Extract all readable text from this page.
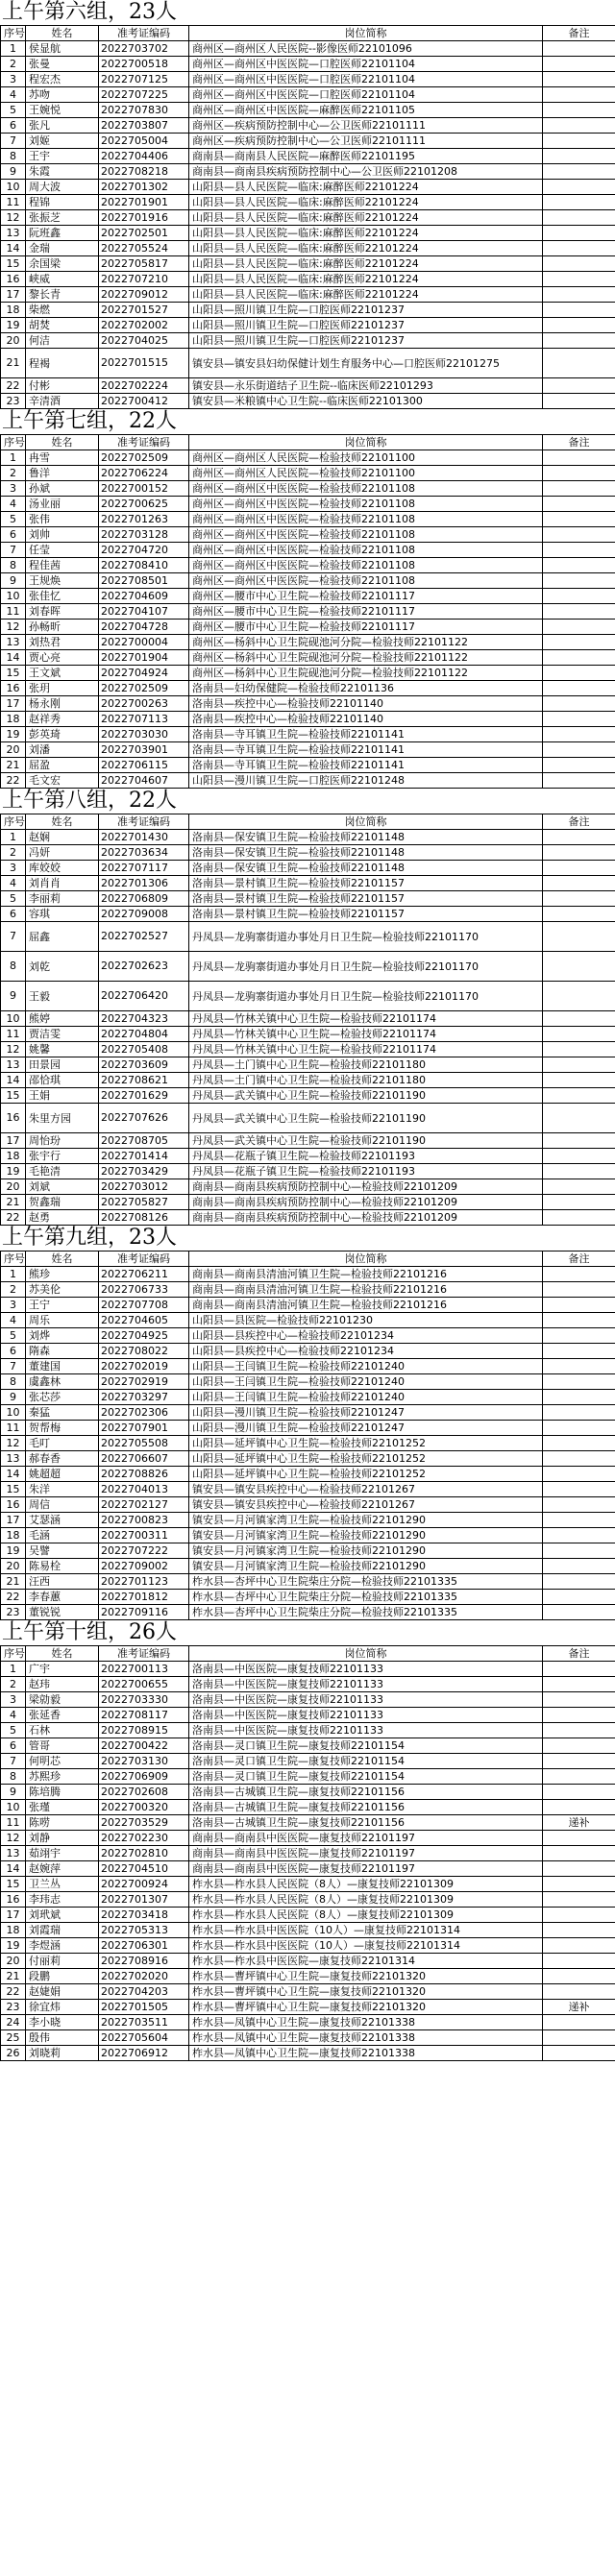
上午第六组，23人
序号	姓名	准考证编码	岗位简称	备注
1	侯显航	2022703702	商州区—商州区人民医院--影像医师22101096	
2	张曼	2022700518	商州区—商州区中医医院—口腔医师22101104	
3	程宏杰	2022707125	商州区—商州区中医医院—口腔医师22101104	
4	苏吻	2022707225	商州区—商州区中医医院—口腔医师22101104	
5	王婉悦	2022707830	商州区—商州区中医医院—麻醉医师22101105	
6	张凡	2022703807	商州区—疾病预防控制中心—公卫医师22101111	
7	刘姬	2022705004	商州区—疾病预防控制中心—公卫医师22101111	
8	王宇	2022704406	商南县—商南县人民医院—麻醉医师22101195	
9	朱霞	2022708218	商南县—商南县疾病预防控制中心—公卫医师22101208	
10	周大波	2022701302	山阳县—县人民医院—临床:麻醉医师22101224	
11	程锦	2022701901	山阳县—县人民医院—临床:麻醉医师22101224	
12	张振芝	2022701916	山阳县—县人民医院—临床:麻醉医师22101224	
13	阮班鑫	2022702501	山阳县—县人民医院—临床:麻醉医师22101224	
14	金瑞	2022705524	山阳县—县人民医院—临床:麻醉医师22101224	
15	余国梁	2022705817	山阳县—县人民医院—临床:麻醉医师22101224	
16	峡威	2022707210	山阳县—县人民医院—临床:麻醉医师22101224	
17	黎长青	2022709012	山阳县—县人民医院—临床:麻醉医师22101224	
18	柴燃	2022701527	山阳县—照川镇卫生院—口腔医师22101237	
19	胡焚	2022702002	山阳县—照川镇卫生院—口腔医师22101237	
20	何洁	2022704025	山阳县—照川镇卫生院—口腔医师22101237	
21	程褐	2022701515	镇安县—镇安县妇幼保健计划生育服务中心—口腔医师22101275	
22	付彬	2022702224	镇安县—永乐街道结子卫生院--临床医师22101293	
23	辛清酒	2022700412	镇安县—米粮镇中心卫生院--临床医师22101300	
上午第七组，22人
序号	姓名	准考证编码	岗位简称	备注
1	冉雪	2022702509	商州区—商州区人民医院—检验技师22101100	
2	鲁洋	2022706224	商州区—商州区人民医院—检验技师22101100	
3	孙斌	2022700152	商州区—商州区中医医院—检验技师22101108	
4	汤业丽	2022700625	商州区—商州区中医医院—检验技师22101108	
5	张伟	2022701263	商州区—商州区中医医院—检验技师22101108	
6	刘帅	2022703128	商州区—商州区中医医院—检验技师22101108	
7	任莹	2022704720	商州区—商州区中医医院—检验技师22101108	
8	程佳茜	2022708410	商州区—商州区中医医院—检验技师22101108	
9	王规焕	2022708501	商州区—商州区中医医院—检验技师22101108	
10	张佳忆	2022704609	商州区—腰市中心卫生院—检验技师22101117	
11	刘春晖	2022704107	商州区—腰市中心卫生院—检验技师22101117	
12	孙畅昕	2022704728	商州区—腰市中心卫生院—检验技师22101117	
13	刘热君	2022700004	商州区—杨斜中心卫生院砚池河分院—检验技师22101122	
14	贾心亮	2022701904	商州区—杨斜中心卫生院砚池河分院—检验技师22101122	
15	王文斌	2022704924	商州区—杨斜中心卫生院砚池河分院—检验技师22101122	
16	张玥	2022702509	洛南县—妇幼保健院—检验技师22101136	
17	杨永刚	2022700263	洛南县—疾控中心—检验技师22101140	
18	赵祥秀	2022707113	洛南县—疾控中心—检验技师22101140	
19	彭英琦	2022703030	洛南县—寺耳镇卫生院—检验技师22101141	
20	刘潘	2022703901	洛南县—寺耳镇卫生院—检验技师22101141	
21	屈盈	2022706115	洛南县—寺耳镇卫生院—检验技师22101141	
22	毛文宏	2022704607	山阳县—漫川镇卫生院—口腔医师22101248	
上午第八组，22人
序号	姓名	准考证编码	岗位简称	备注
1	赵娴	2022701430	洛南县—保安镇卫生院—检验技师22101148	
2	冯妍	2022703634	洛南县—保安镇卫生院—检验技师22101148	
3	库姣姣	2022707117	洛南县—保安镇卫生院—检验技师22101148	
4	刘肖肖	2022701306	洛南县—景村镇卫生院—检验技师22101157	
5	李丽莉	2022706809	洛南县—景村镇卫生院—检验技师22101157	
6	容琪	2022709008	洛南县—景村镇卫生院—检验技师22101157	
7	屈鑫	2022702527	丹凤县—龙驹寨街道办事处月日卫生院—检验技师22101170	
8	刘乾	2022702623	丹凤县—龙驹寨街道办事处月日卫生院—检验技师22101170	
9	王毅	2022706420	丹凤县—龙驹寨街道办事处月日卫生院—检验技师22101170	
10	熊婷	2022704323	丹凤县—竹林关镇中心卫生院—检验技师22101174	
11	贾洁雯	2022704804	丹凤县—竹林关镇中心卫生院—检验技师22101174	
12	姚馨	2022705408	丹凤县—竹林关镇中心卫生院—检验技师22101174	
13	田景园	2022703609	丹凤县—土门镇中心卫生院—检验技师22101180	
14	邵恰琪	2022708621	丹凤县—土门镇中心卫生院—检验技师22101180	
15	王娟	2022701629	丹凤县—武关镇中心卫生院—检验技师22101190	
16	朱里方园	2022707626	丹凤县—武关镇中心卫生院—检验技师22101190	
17	周怡玢	2022708705	丹凤县—武关镇中心卫生院—检验技师22101190	
18	张宇行	2022701414	丹凤县—花瓶子镇卫生院—检验技师22101193	
19	毛艳清	2022703429	丹凤县—花瓶子镇卫生院—检验技师22101193	
20	刘斌	2022703012	商南县—商南县疾病预防控制中心—检验技师22101209	
21	贺鑫瑞	2022705827	商南县—商南县疾病预防控制中心—检验技师22101209	
22	赵勇	2022708126	商南县—商南县疾病预防控制中心—检验技师22101209	
上午第九组，23人
序号	姓名	准考证编码	岗位简称	备注
1	熊珍	2022706211	商南县—商南县清油河镇卫生院—检验技师22101216	
2	苏美伦	2022706733	商南县—商南县清油河镇卫生院—检验技师22101216	
3	王宁	2022707708	商南县—商南县清油河镇卫生院—检验技师22101216	
4	周乐	2022704605	山阳县—县医院—检验技师22101230	
5	刘烨	2022704925	山阳县—县疾控中心—检验技师22101234	
6	隋森	2022708022	山阳县—县疾控中心—检验技师22101234	
7	董建国	2022702019	山阳县—王闫镇卫生院—检验技师22101240	
8	虞鑫林	2022702919	山阳县—王闫镇卫生院—检验技师22101240	
9	张芯莎	2022703297	山阳县—王闫镇卫生院—检验技师22101240	
10	秦猛	2022702306	山阳县—漫川镇卫生院—检验技师22101247	
11	贺帮梅	2022707901	山阳县—漫川镇卫生院—检验技师22101247	
12	毛叮	2022705508	山阳县—延坪镇中心卫生院—检验技师22101252	
13	郝春香	2022706607	山阳县—延坪镇中心卫生院—检验技师22101252	
14	姚超超	2022708826	山阳县—延坪镇中心卫生院—检验技师22101252	
15	朱洋	2022704013	镇安县—镇安县疾控中心—检验技师22101267	
16	周信	2022702127	镇安县—镇安县疾控中心—检验技师22101267	
17	艾瑟涵	2022700823	镇安县—月河镇家湾卫生院—检验技师22101290	
18	毛涵	2022700311	镇安县—月河镇家湾卫生院—检验技师22101290	
19	吴譬	2022707222	镇安县—月河镇家湾卫生院—检验技师22101290	
20	陈易栓	2022709002	镇安县—月河镇家湾卫生院—检验技师22101290	
21	汪西	2022701123	柞水县—杏坪中心卫生院柴庄分院—检验技师22101335	
22	李春蕙	2022701812	柞水县—杏坪中心卫生院柴庄分院—检验技师22101335	
23	董锐锐	2022709116	柞水县—杏坪中心卫生院柴庄分院—检验技师22101335	
上午第十组，26人
序号	姓名	准考证编码	岗位简称	备注
1	广宇	2022700113	洛南县—中医医院—康复技师22101133	
2	赵玮	2022700655	洛南县—中医医院—康复技师22101133	
3	梁勍毅	2022703330	洛南县—中医医院—康复技师22101133	
4	张延香	2022708117	洛南县—中医医院—康复技师22101133	
5	石林	2022708915	洛南县—中医医院—康复技师22101133	
6	管哥	2022700422	洛南县—灵口镇卫生院—康复技师22101154	
7	何明芯	2022703130	洛南县—灵口镇卫生院—康复技师22101154	
8	苏熙珍	2022706909	洛南县—灵口镇卫生院—康复技师22101154	
9	陈培腾	2022702608	洛南县—古城镇卫生院—康复技师22101156	
10	张瑾	2022700320	洛南县—古城镇卫生院—康复技师22101156	
11	陈唠	2022703529	洛南县—古城镇卫生院—康复技师22101156	递补
12	刘静	2022702230	商南县—商南县中医医院—康复技师22101197	
13	茹翊宇	2022702810	商南县—商南县中医医院—康复技师22101197	
14	赵婉萍	2022704510	商南县—商南县中医医院—康复技师22101197	
15	卫兰丛	2022700924	柞水县—柞水县人民医院（8人）—康复技师22101309	
16	李玮志	2022701307	柞水县—柞水县人民医院（8人）—康复技师22101309	
17	刘玳斌	2022703418	柞水县—柞水县人民医院（8人）—康复技师22101309	
18	刘霞瑞	2022705313	柞水县—柞水县中医医院（10人）—康复技师22101314	
19	李煜涵	2022706301	柞水县—柞水县中医医院（10人）—康复技师22101314	
20	付丽莉	2022708916	柞水县—柞水县中医医院—康复技师22101314	
21	段鹏	2022702020	柞水县—曹坪镇中心卫生院—康复技师22101320	
22	赵婕娟	2022704203	柞水县—曹坪镇中心卫生院—康复技师22101320	
23	徐宜炜	2022701505	柞水县—曹坪镇中心卫生院—康复技师22101320	递补
24	李小晓	2022703511	柞水县—凤镇中心卫生院—康复技师22101338	
25	殷伟	2022705604	柞水县—凤镇中心卫生院—康复技师22101338	
26	刘晓莉	2022706912	柞水县—凤镇中心卫生院—康复技师22101338	
